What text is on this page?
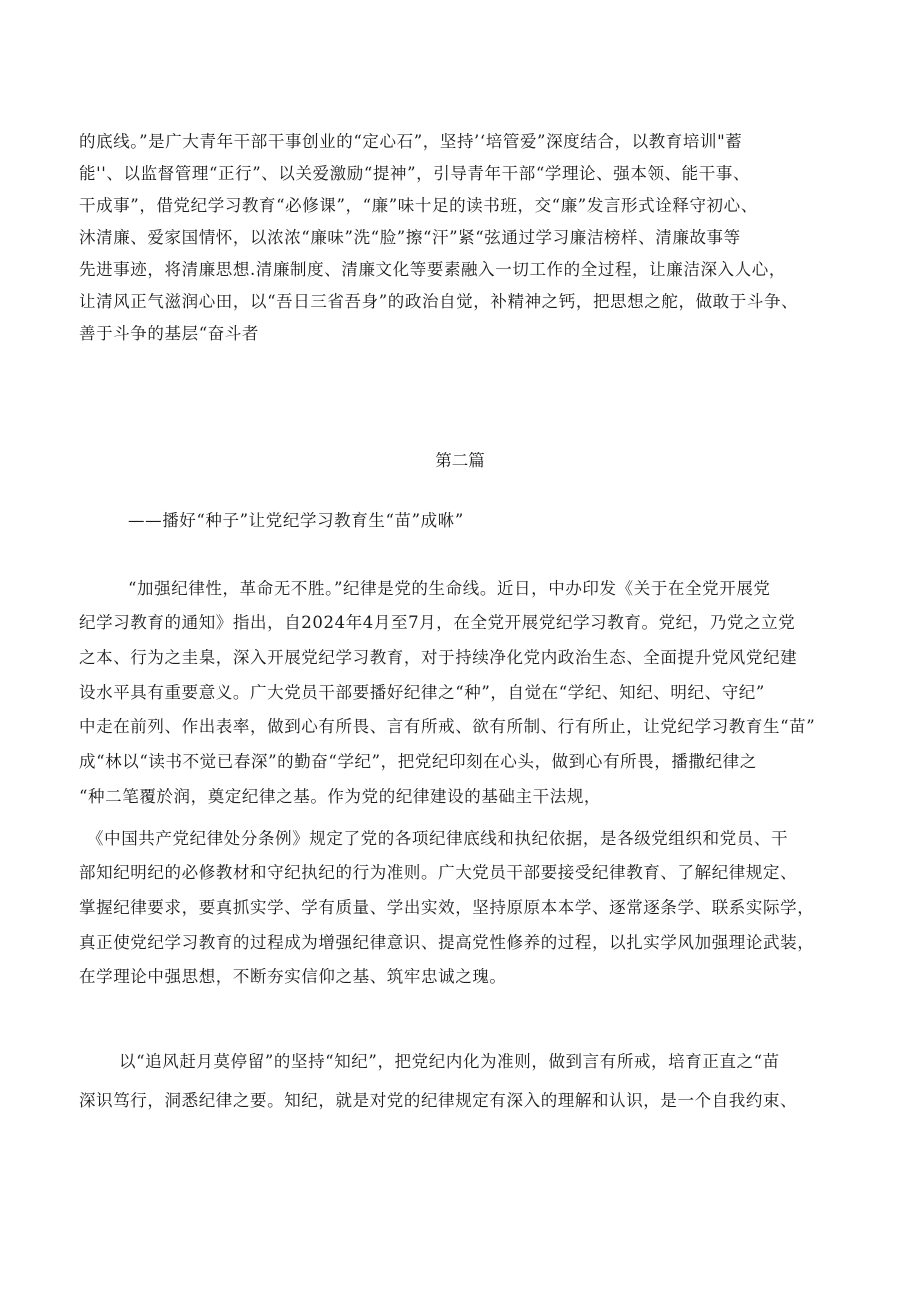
的底线。”是广大青年干部干事创业的“定心石”，坚持’‘培管爱”深度结合，以教育培训"蓄
能''、以监督管理“正行”、以关爱激励“提神”，引导青年干部“学理论、强本领、能干事、
干成事”，借党纪学习教育“必修课”，“廉”味十足的读书班，交“廉”发言形式诠释守初心、
沐清廉、爱家国情怀，以浓浓“廉味”洗“脸”擦“汗”紧“弦通过学习廉洁榜样、清廉故事等
先进事迹，将清廉思想.清廉制度、清廉文化等要素融入一切工作的全过程，让廉洁深入人心，
让清风正气滋润心田，以“吾日三省吾身”的政治自觉，补精神之钙，把思想之舵，做敢于斗争、
善于斗争的基层“奋斗者
第二篇
——播好“种子”让党纪学习教育生“苗”成咻”
“加强纪律性，革命无不胜。”纪律是党的生命线。近日，中办印发《关于在全党开展党
纪学习教育的通知》指出，自2024年4月至7月，在全党开展党纪学习教育。党纪，乃党之立党
之本、行为之圭臬，深入开展党纪学习教育，对于持续净化党内政治生态、全面提升党风党纪建
设水平具有重要意义。广大党员干部要播好纪律之“种”，自觉在“学纪、知纪、明纪、守纪”
中走在前列、作出表率，做到心有所畏、言有所戒、欲有所制、行有所止，让党纪学习教育生“苗”
成“林以“读书不觉已春深”的勤奋“学纪”，把党纪印刻在心头，做到心有所畏，播撒纪律之
“种二笔覆於润，奠定纪律之基。作为党的纪律建设的基础主干法规，
《中国共产党纪律处分条例》规定了党的各项纪律底线和执纪依据，是各级党组织和党员、干
部知纪明纪的必修教材和守纪执纪的行为准则。广大党员干部要接受纪律教育、了解纪律规定、
掌握纪律要求，要真抓实学、学有质量、学出实效，坚持原原本本学、逐常逐条学、联系实际学，
真正使党纪学习教育的过程成为增强纪律意识、提高党性修养的过程，以扎实学风加强理论武装，
在学理论中强思想，不断夯实信仰之基、筑牢忠诚之瑰。
以“追风赶月莫停留”的坚持“知纪”，把党纪内化为准则，做到言有所戒，培育正直之“苗
深识笃行，洞悉纪律之要。知纪，就是对党的纪律规定有深入的理解和认识，是一个自我约束、
